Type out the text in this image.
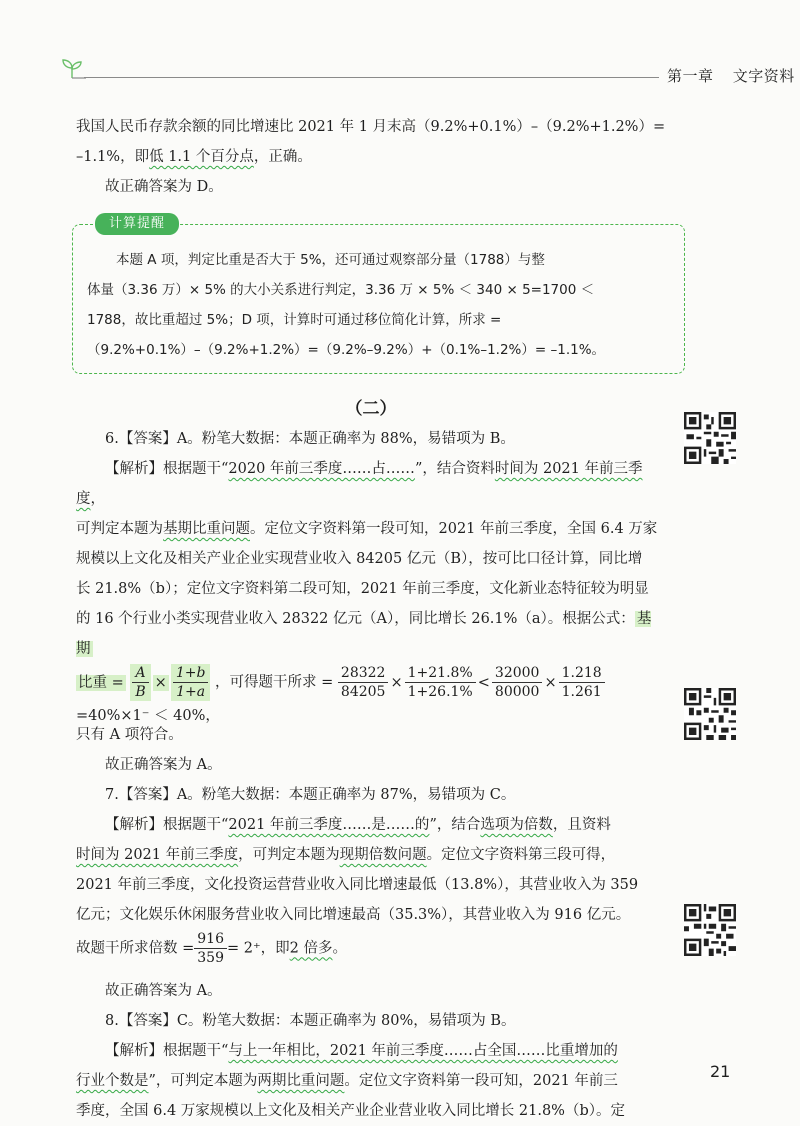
第一章 文字资料

我国人民币存款余额的同比增速比 2021 年 1 月末高（9.2%+0.1%）–（9.2%+1.2%）=

–1.1%，即低 1.1 个百分点，正确。

故正确答案为 D。

计算提醒
本题 A 项，判定比重是否大于 5%，还可通过观察部分量（1788）与整
体量（3.36 万）× 5% 的大小关系进行判定，3.36 万 × 5% ＜ 340 × 5=1700 ＜
1788，故比重超过 5%；D 项，计算时可通过移位简化计算，所求 =
（9.2%+0.1%）–（9.2%+1.2%）=（9.2%–9.2%）+（0.1%–1.2%）= –1.1%。

（二）

6.【答案】A。粉笔大数据：本题正确率为 88%，易错项为 B。

【解析】根据题干“2020 年前三季度……占……”，结合资料时间为 2021 年前三季度，

可判定本题为基期比重问题。定位文字资料第一段可知，2021 年前三季度，全国 6.4 万家

规模以上文化及相关产业企业实现营业收入 84205 亿元（B），按可比口径计算，同比增

长 21.8%（b）；定位文字资料第二段可知，2021 年前三季度，文化新业态特征较为明显

的 16 个行业小类实现营业收入 28322 亿元（A），同比增长 26.1%（a）。根据公式： 基期

比重 = $\frac{A}{B} \times \frac{1+b}{1+a}$ ，可得题干所求 = $\frac{28322}{84205} \times \frac{1+21.8\%}{1+26.1\%} < \frac{32000}{80000} \times \frac{1.218}{1.261}$
=40%×1⁻ ＜ 40%，

只有 A 项符合。

故正确答案为 A。

7.【答案】A。粉笔大数据：本题正确率为 87%，易错项为 C。

【解析】根据题干“2021 年前三季度……是……的”，结合选项为倍数，且资料

时间为 2021 年前三季度，可判定本题为现期倍数问题。定位文字资料第三段可得，

2021 年前三季度，文化投资运营营业收入同比增速最低（13.8%），其营业收入为 359

亿元；文化娱乐休闲服务营业收入同比增速最高（35.3%），其营业收入为 916 亿元。

故题干所求倍数 = $\frac{916}{359} = 2^+$，即2 倍多。

故正确答案为 A。

8.【答案】C。粉笔大数据：本题正确率为 80%，易错项为 B。

【解析】根据题干“与上一年相比，2021 年前三季度……占全国……比重增加的

行业个数是”，可判定本题为两期比重问题。定位文字资料第一段可知，2021 年前三

季度，全国 6.4 万家规模以上文化及相关产业企业营业收入同比增长 21.8%（b）。定

21
